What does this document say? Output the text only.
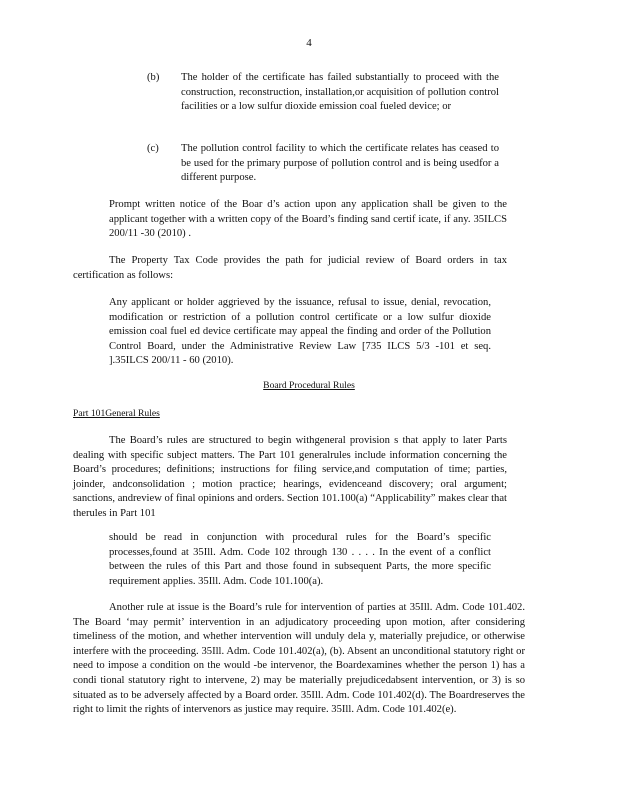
4

(b) The holder of the certificate has failed substantially to proceed with the construction, reconstruction, installation,or acquisition of pollution control facilities or a low sulfur dioxide emission coal fueled device; or

(c) The pollution control facility to which the certificate relates has ceased to be used for the primary purpose of pollution control and is being usedfor a different purpose.

Prompt written notice of the Boar d’s action upon any application shall be given to the applicant together with a written copy of the Board’s finding sand certif icate, if any. 35ILCS 200/11 -30 (2010) .

The Property Tax Code provides the path for judicial review of Board orders in tax certification as follows:

Any applicant or holder aggrieved by the issuance, refusal to issue, denial, revocation, modification or restriction of a pollution control certificate or a low sulfur dioxide emission coal fuel ed device certificate may appeal the finding and order of the Pollution Control Board, under the Administrative Review Law [735 ILCS 5/3 -101 et seq. ].35ILCS 200/11 - 60 (2010).

Board Procedural Rules

Part 101General Rules

The Board’s rules are structured to begin withgeneral provision s that apply to later Parts dealing with specific subject matters. The Part 101 generalrules include information concerning the Board’s procedures; definitions; instructions for filing service,and computation of time; parties, joinder, andconsolidation ; motion practice; hearings, evidenceand discovery; oral argument; sanctions, andreview of final opinions and orders. Section 101.100(a) “Applicability” makes clear that therules in Part 101

should be read in conjunction with procedural rules for the Board’s specific processes,found at 35Ill. Adm. Code 102 through 130 . . . . In the event of a conflict between the rules of this Part and those found in subsequent Parts, the more specific requirement applies. 35Ill. Adm. Code 101.100(a).

Another rule at issue is the Board’s rule for intervention of parties at 35Ill. Adm. Code 101.402. The Board ‘may permit’ intervention in an adjudicatory proceeding upon motion, after considering timeliness of the motion, and whether intervention will unduly dela y, materially prejudice, or otherwise interfere with the proceeding. 35Ill. Adm. Code 101.402(a), (b). Absent an unconditional statutory right or need to impose a condition on the would -be intervenor, the Boardexamines whether the person 1) has a condi tional statutory right to intervene, 2) may be materially prejudicedabsent intervention, or 3) is so situated as to be adversely affected by a Board order. 35Ill. Adm. Code 101.402(d). The Boardreserves the right to limit the rights of intervenors as justice may require. 35Ill. Adm. Code 101.402(e).
